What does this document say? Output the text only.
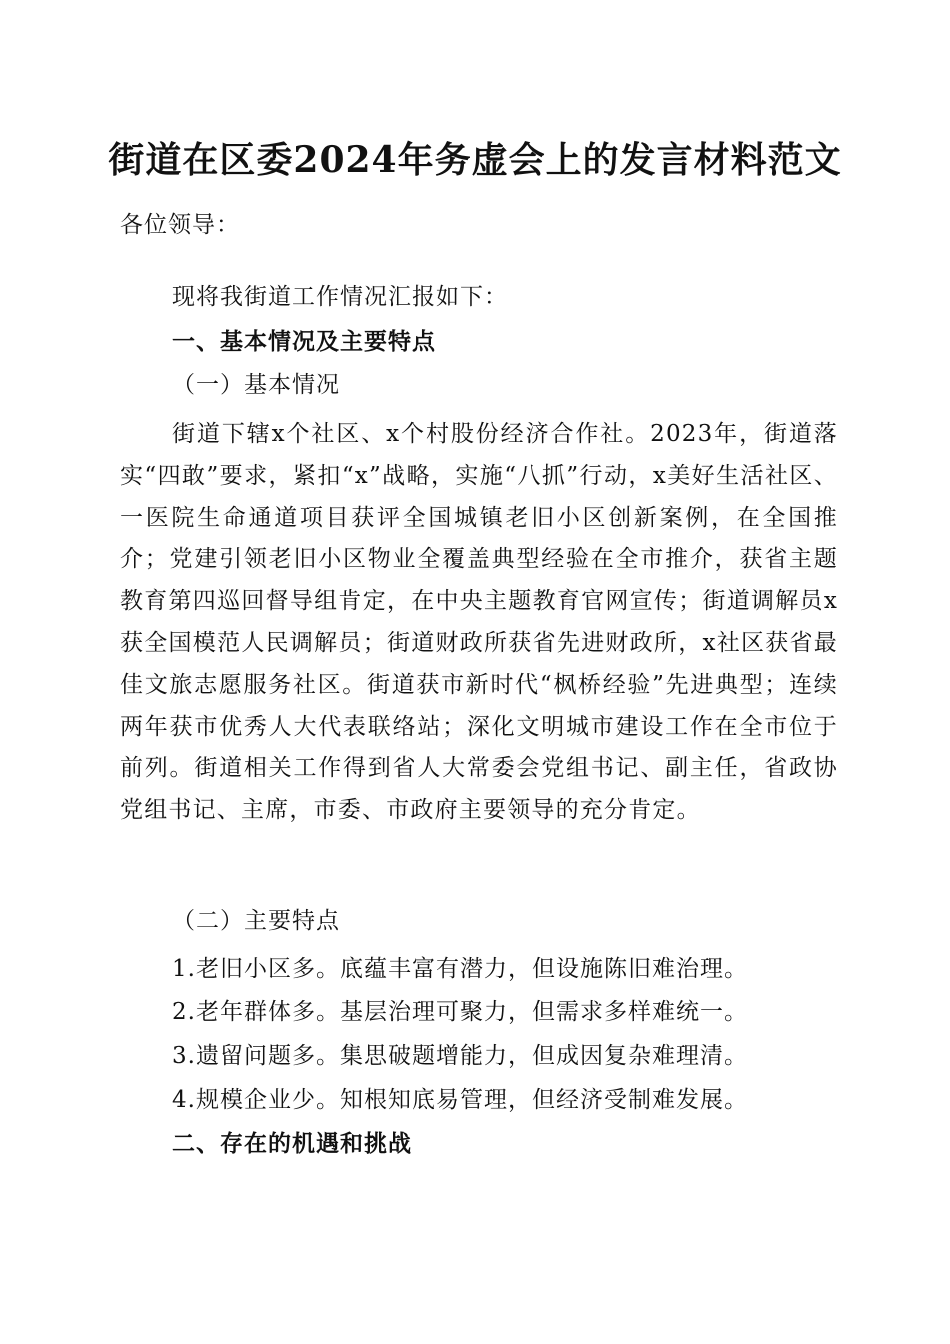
街道在区委2024年务虚会上的发言材料范文
各位领导：
现将我街道工作情况汇报如下：
一、基本情况及主要特点
（一）基本情况
街道下辖x个社区、x个村股份经济合作社。2023年，街道落实“四敢”要求，紧扣“x”战略，实施“八抓”行动，x美好生活社区、一医院生命通道项目获评全国城镇老旧小区创新案例，在全国推介；党建引领老旧小区物业全覆盖典型经验在全市推介，获省主题教育第四巡回督导组肯定，在中央主题教育官网宣传；街道调解员x获全国模范人民调解员；街道财政所获省先进财政所，x社区获省最佳文旅志愿服务社区。街道获市新时代“枫桥经验”先进典型；连续两年获市优秀人大代表联络站；深化文明城市建设工作在全市位于前列。街道相关工作得到省人大常委会党组书记、副主任，省政协党组书记、主席，市委、市政府主要领导的充分肯定。
（二）主要特点
1.老旧小区多。底蕴丰富有潜力，但设施陈旧难治理。
2.老年群体多。基层治理可聚力，但需求多样难统一。
3.遗留问题多。集思破题增能力，但成因复杂难理清。
4.规模企业少。知根知底易管理，但经济受制难发展。
二、存在的机遇和挑战
